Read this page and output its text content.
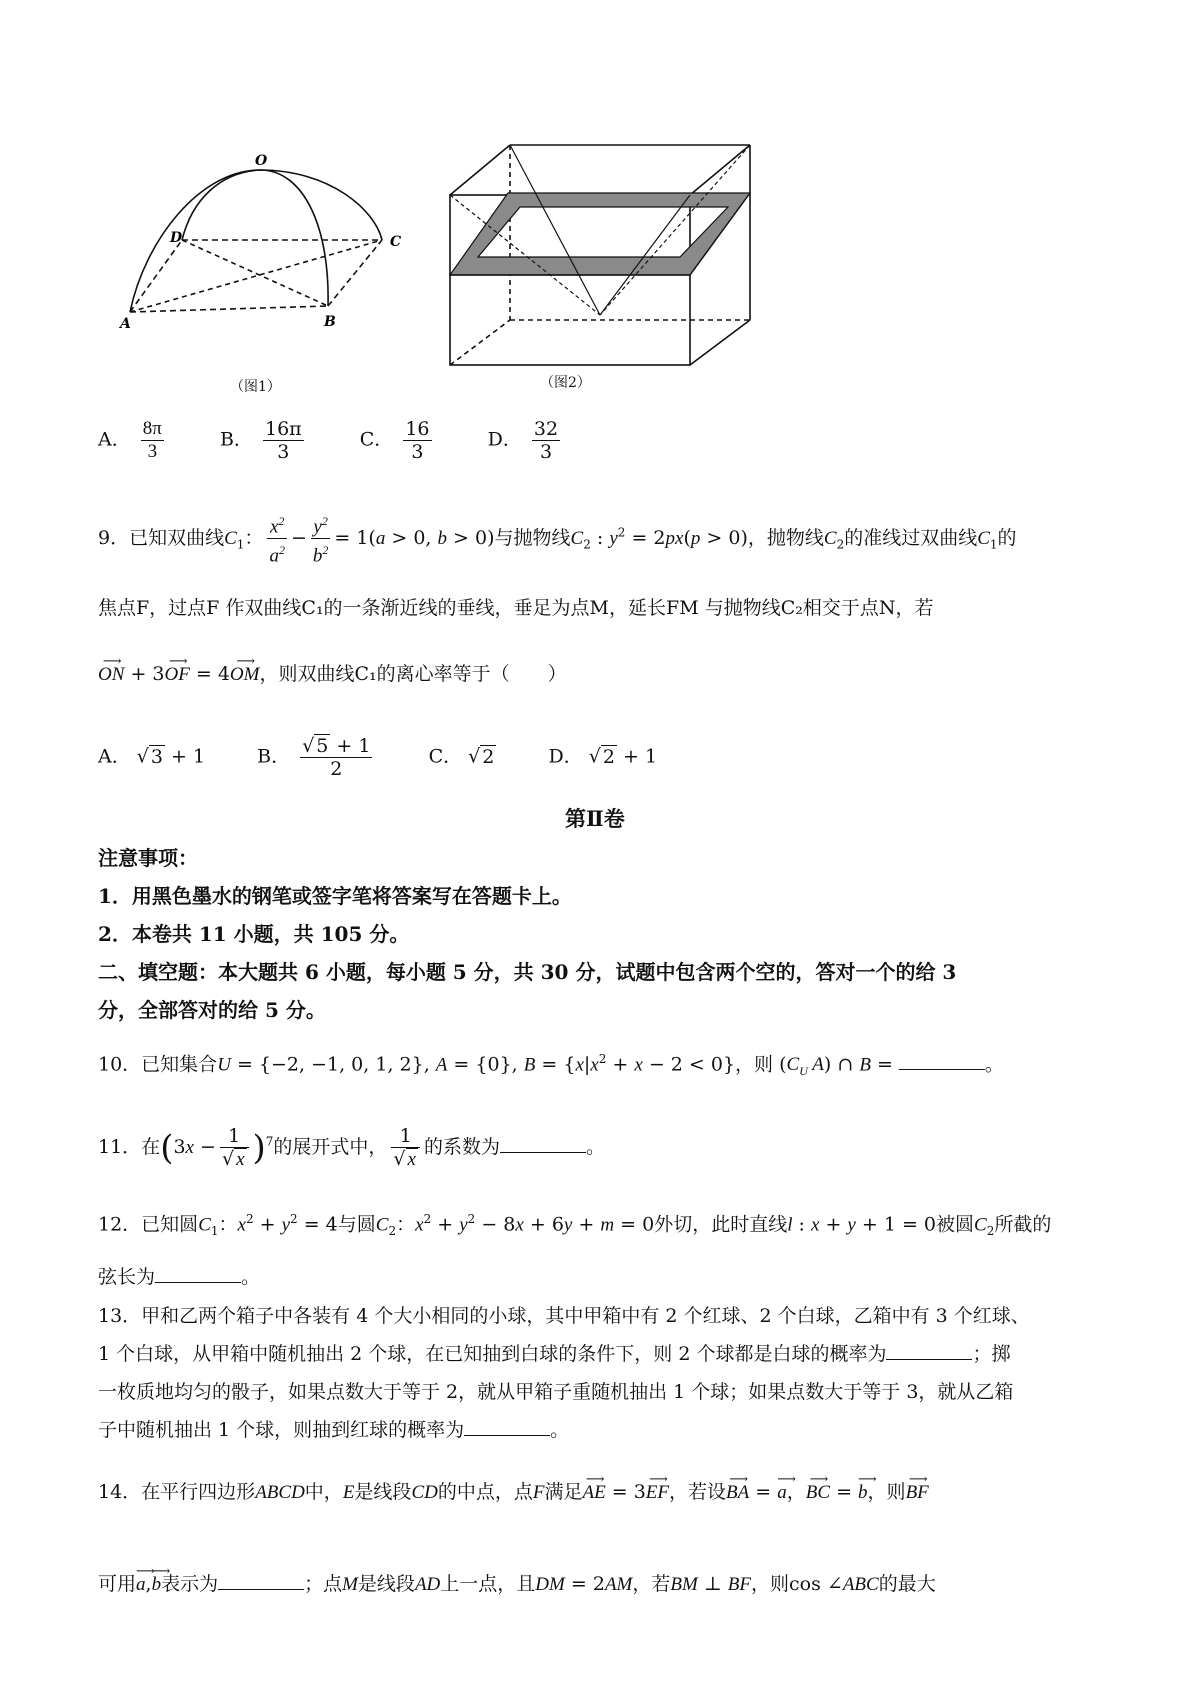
O
D	C
A	B
（图1）	（图2）
A． $\frac{8\pi}{3}$	B． $\frac{16\pi}{3}$	C． $\frac{16}{3}$	D． $\frac{32}{3}$
9．已知双曲线$C_1$： $\frac{x^2}{a^2} - \frac{y^2}{b^2} = 1(a > 0$, b > 0)与抛物线$C_2$ : $y^2 = 2px(p > 0)$，抛物线$C_2$的准线过双曲线$C_1$的
焦点F，过点F 作双曲线C₁的一条渐近线的垂线，垂足为点M，延长FM 与抛物线C₂相交于点N，若
⟶ ON + 3⟶ OF = 4⟶ OM，则双曲线C₁的离心率等于（　　）
A． √ 3 + 1  B． $\frac{√ 5 + 1}{2}$	C． √ 2	D． √ 2 + 1
第Ⅱ卷
注意事项：
1．用黑色墨水的钢笔或签字笔将答案写在答题卡上。
2．本卷共 11 小题，共 105 分。
二、填空题：本大题共 6 小题，每小题 5 分，共 30 分，试题中包含两个空的，答对一个的给 3
分，全部答对的给 5 分。
10．已知集合U = {−2, −1, 0, 1, 2}, A = {0}, $B = \{x|x^2 + x - 2 < 0\}$，则 ($C_U$ A) ∩ B =	。
11．在$(3x - \frac{1}{√ x} )^7$的展开式中， $\frac{1}{√ x}$ 的系数为	。
12．已知圆$C_1$：$x^2 + y^2 = 4$与圆$C_2$：$x^2 + y^2 - 8x + 6y + m = 0$外切，此时直线l : x + y + 1 = 0被圆$C_2$所截的
弦长为	。
13．甲和乙两个箱子中各装有 4 个大小相同的小球，其中甲箱中有 2 个红球、2 个白球，乙箱中有 3 个红球、
1 个白球，从甲箱中随机抽出 2 个球，在已知抽到白球的条件下，则 2 个球都是白球的概率为	；掷
一枚质地均匀的骰子，如果点数大于等于 2，就从甲箱子重随机抽出 1 个球；如果点数大于等于 3，就从乙箱
子中随机抽出 1 个球，则抽到红球的概率为	。
14．在平行四边形ABCD中，E是线段CD的中点，点F满足⟶ AE = 3⟶ EF，若设⟶ BA = ⟶ a，⟶ BC = ⟶ b，则⟶ BF
可用⟶ a,⟶ b表示为	；点M是线段AD上一点，且DM = 2AM，若BM ⊥ BF，则cos ∠ABC的最大
